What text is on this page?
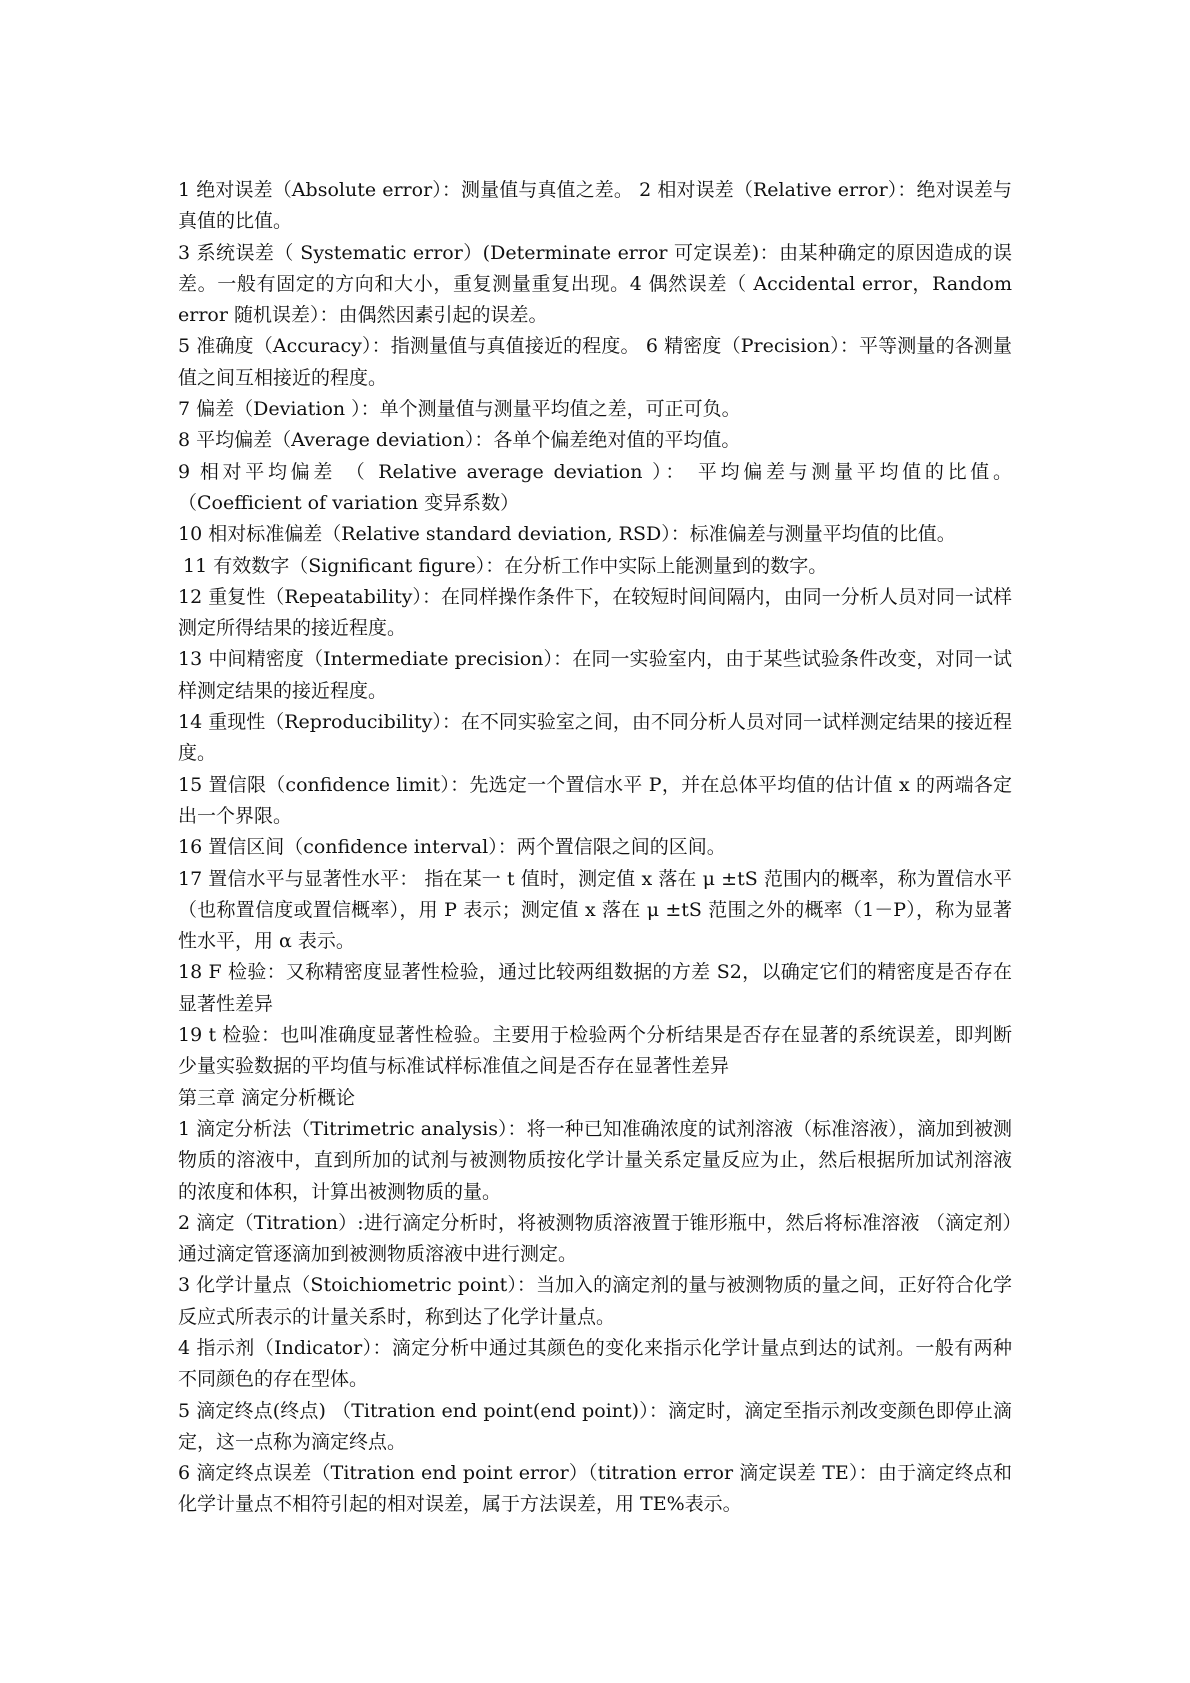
1 绝对误差（Absolute error）：测量值与真值之差。 2 相对误差（Relative error）：绝对误差与真值的比值。

3 系统误差（ Systematic error）(Determinate error 可定误差)：由某种确定的原因造成的误差。一般有固定的方向和大小，重复测量重复出现。4 偶然误差（ Accidental error，Random error 随机误差）：由偶然因素引起的误差。

5 准确度（Accuracy）：指测量值与真值接近的程度。 6 精密度（Precision）：平等测量的各测量值之间互相接近的程度。

7 偏差（Deviation ）：单个测量值与测量平均值之差，可正可负。

8 平均偏差（Average deviation）：各单个偏差绝对值的平均值。

9 相对平均偏差 （ Relative average deviation ）： 平均偏差与测量平均值的比值。（Coefficient of variation 变异系数）

10 相对标准偏差（Relative standard deviation, RSD）：标准偏差与测量平均值的比值。

11 有效数字（Significant figure）：在分析工作中实际上能测量到的数字。

12 重复性（Repeatability）：在同样操作条件下，在较短时间间隔内，由同一分析人员对同一试样测定所得结果的接近程度。

13 中间精密度（Intermediate precision）：在同一实验室内，由于某些试验条件改变，对同一试样测定结果的接近程度。

14 重现性（Reproducibility）：在不同实验室之间，由不同分析人员对同一试样测定结果的接近程度。

15 置信限（confidence limit）：先选定一个置信水平 P，并在总体平均值的估计值 x 的两端各定出一个界限。

16 置信区间（confidence interval）：两个置信限之间的区间。

17 置信水平与显著性水平： 指在某一 t 值时，测定值 x 落在 μ ±tS 范围内的概率，称为置信水平（也称置信度或置信概率），用 P 表示；测定值 x 落在 μ ±tS 范围之外的概率（1－P），称为显著性水平，用 α 表示。

18 F 检验：又称精密度显著性检验，通过比较两组数据的方差 S2，以确定它们的精密度是否存在显著性差异

19 t 检验：也叫准确度显著性检验。主要用于检验两个分析结果是否存在显著的系统误差，即判断少量实验数据的平均值与标准试样标准值之间是否存在显著性差异

第三章 滴定分析概论

1 滴定分析法（Titrimetric analysis）：将一种已知准确浓度的试剂溶液（标准溶液），滴加到被测物质的溶液中，直到所加的试剂与被测物质按化学计量关系定量反应为止，然后根据所加试剂溶液的浓度和体积，计算出被测物质的量。

2 滴定（Titration）:进行滴定分析时，将被测物质溶液置于锥形瓶中，然后将标准溶液 （滴定剂）通过滴定管逐滴加到被测物质溶液中进行测定。

3 化学计量点（Stoichiometric point）：当加入的滴定剂的量与被测物质的量之间，正好符合化学反应式所表示的计量关系时，称到达了化学计量点。

4 指示剂（Indicator）：滴定分析中通过其颜色的变化来指示化学计量点到达的试剂。一般有两种不同颜色的存在型体。

5 滴定终点(终点) （Titration end point(end point)）：滴定时，滴定至指示剂改变颜色即停止滴定，这一点称为滴定终点。

6 滴定终点误差（Titration end point error）（titration error 滴定误差 TE）：由于滴定终点和化学计量点不相符引起的相对误差，属于方法误差，用 TE%表示。
